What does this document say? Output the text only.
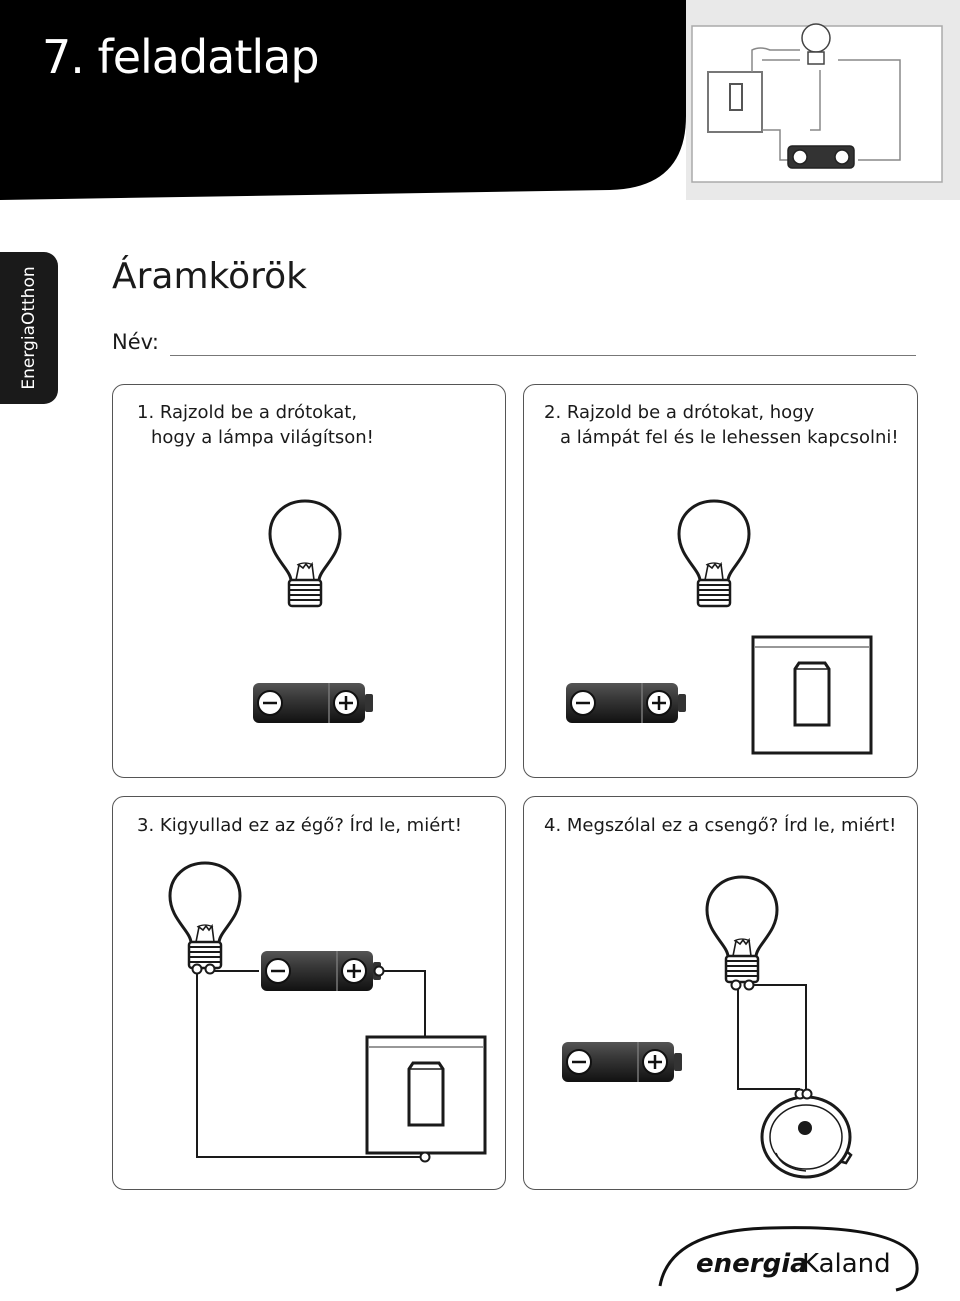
7. feladatlap
EnergiaOtthon Áramkörök
Név:
1. Rajzold be a drótokat,
hogy a lámpa világítson!
2. Rajzold be a drótokat, hogy
a lámpát fel és le lehessen kapcsolni!
3. Kigyullad ez az égő? Írd le, miért!	4. Megszólal ez a csengő? Írd le, miért!
energia
Kaland
